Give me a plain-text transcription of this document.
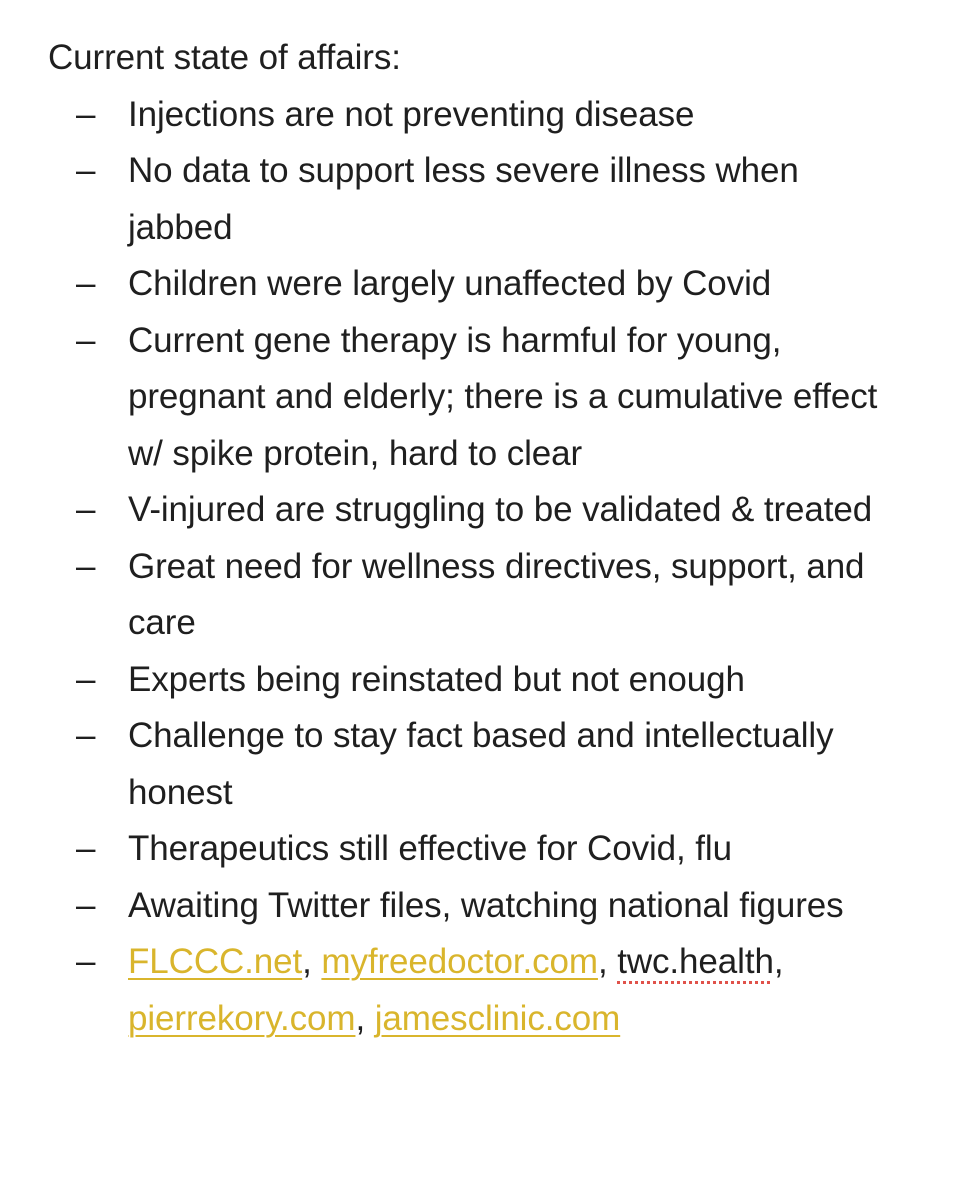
Current state of affairs:
– Injections are not preventing disease
– No data to support less severe illness when jabbed
– Children were largely unaffected by Covid
– Current gene therapy is harmful for young, pregnant and elderly; there is a cumulative effect w/ spike protein, hard to clear
– V-injured are struggling to be validated & treated
– Great need for wellness directives, support, and care
– Experts being reinstated but not enough
– Challenge to stay fact based and intellectually honest
– Therapeutics still effective for Covid, flu
– Awaiting Twitter files, watching national figures
– FLCCC.net, myfreedoctor.com, twc.health, pierrekory.com, jamesclinic.com
